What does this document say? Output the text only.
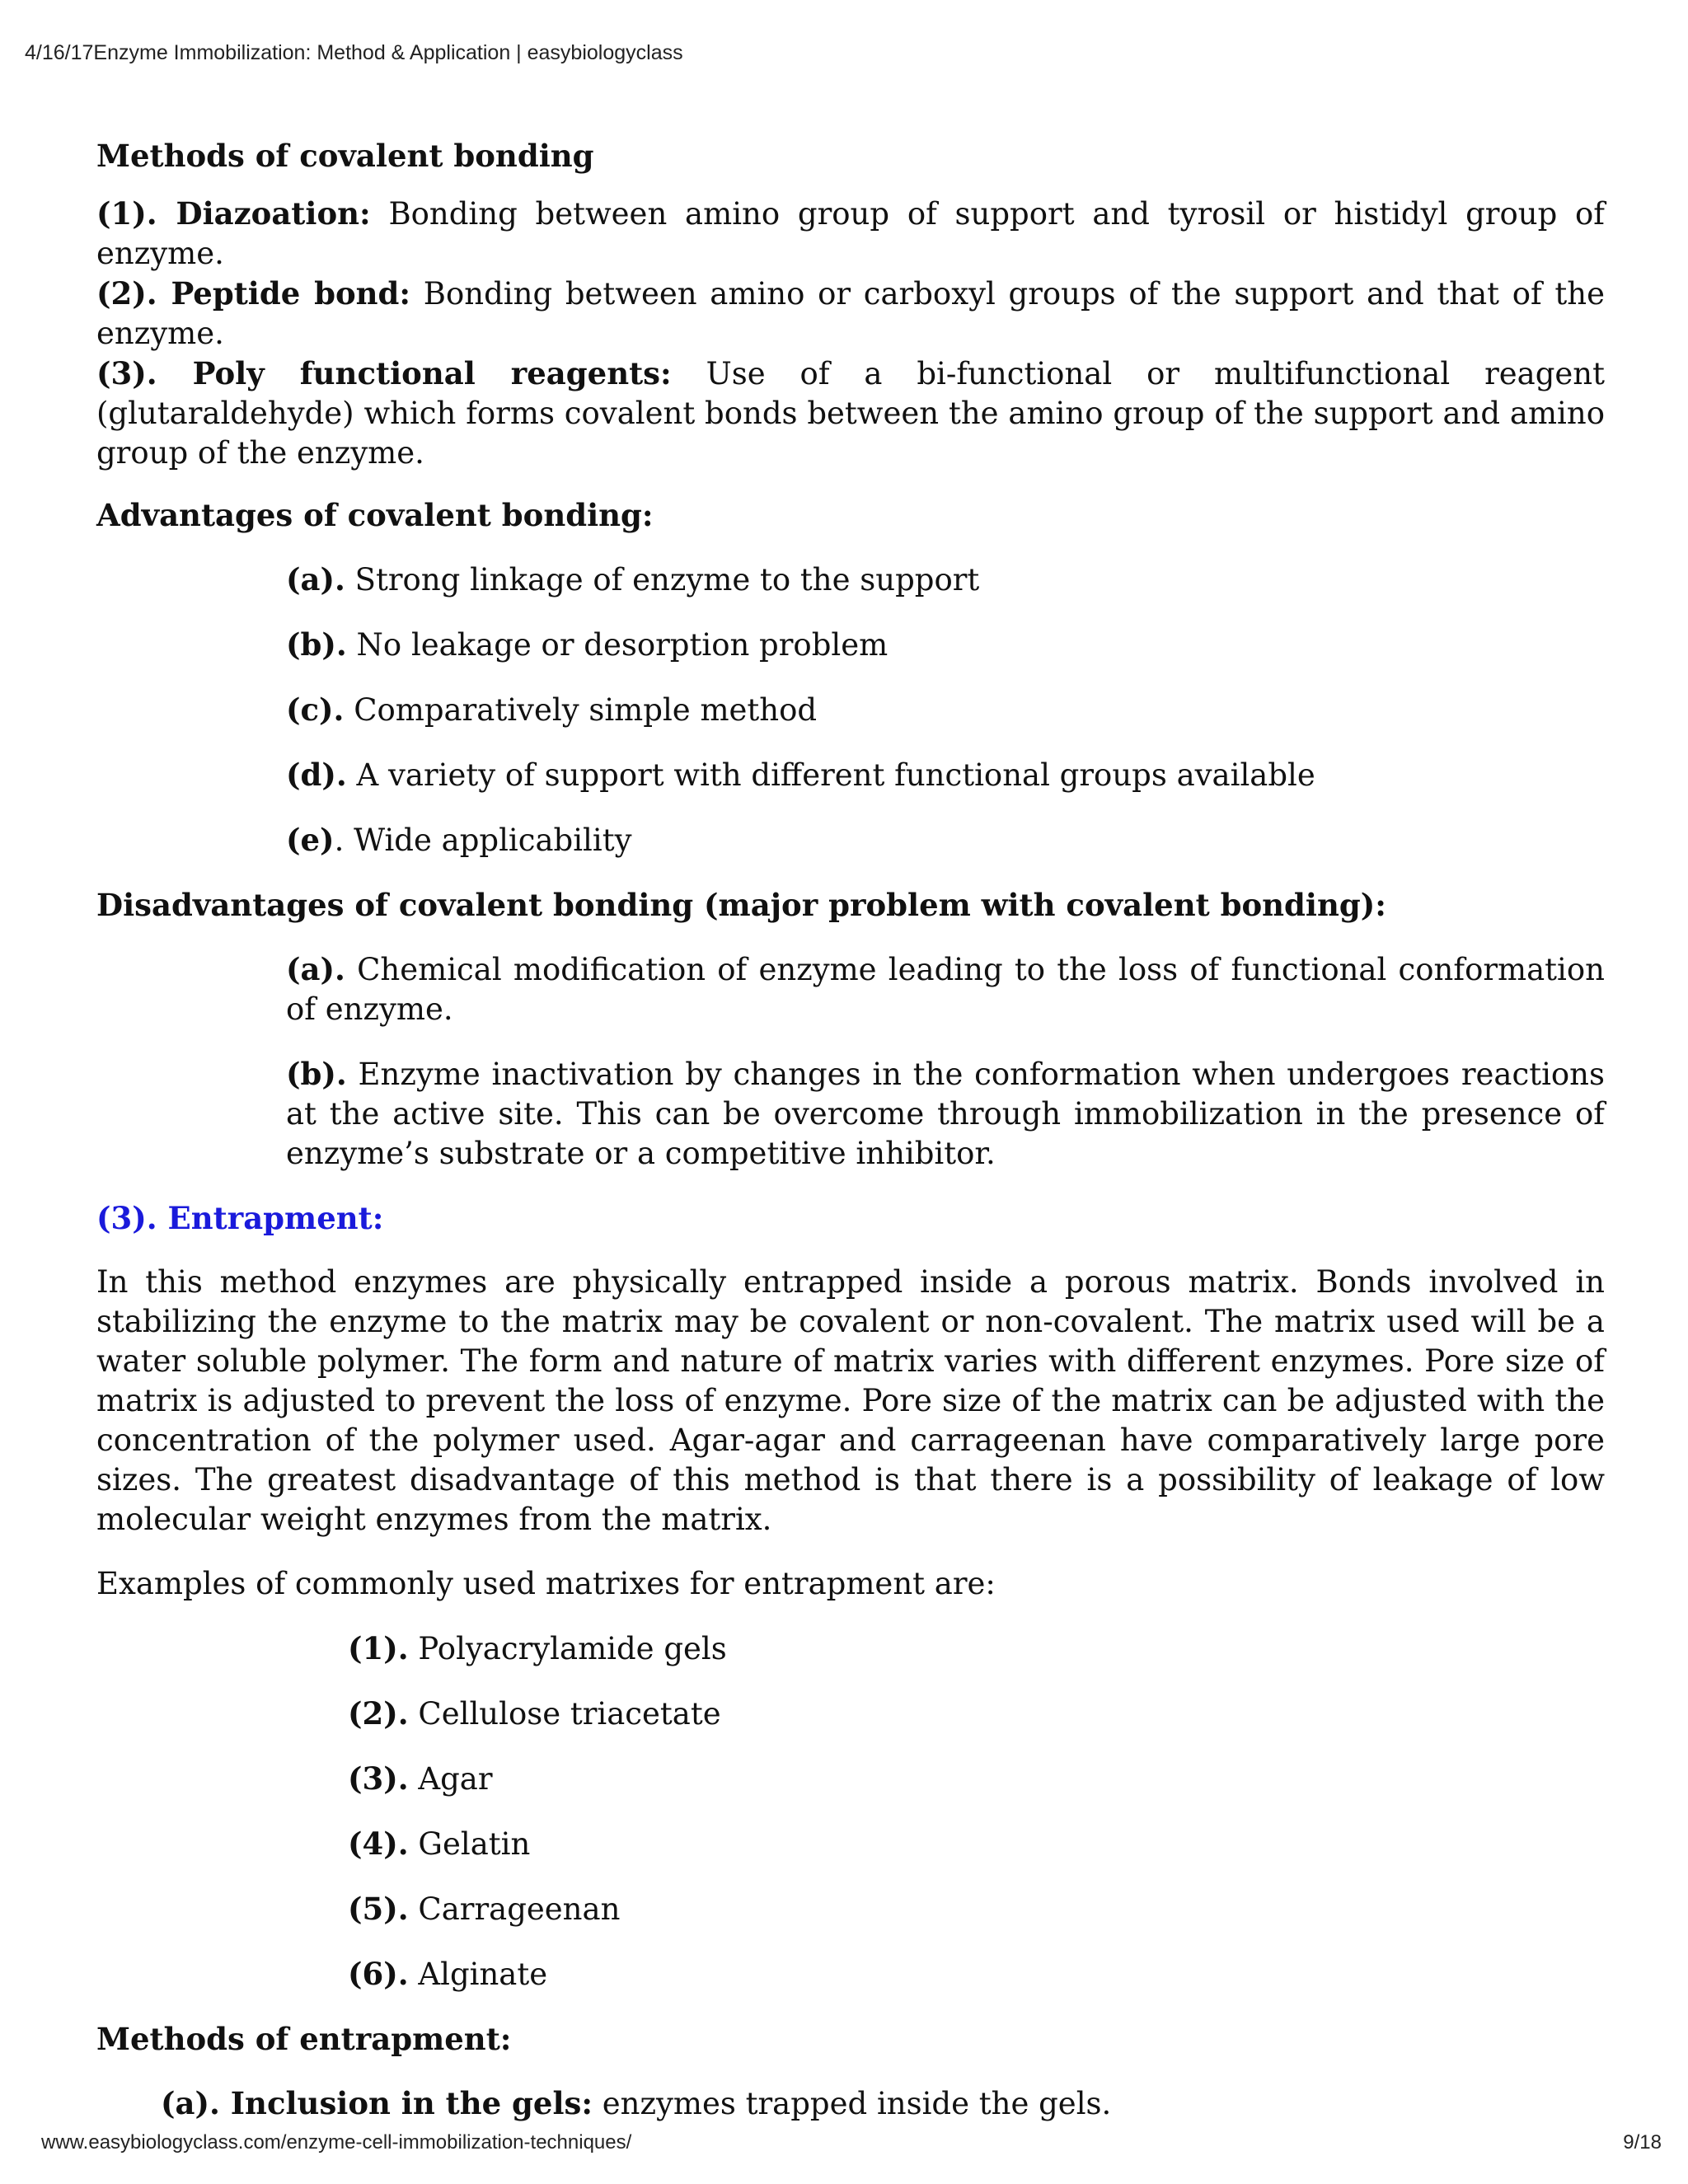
4/16/17Enzyme Immobilization: Method & Application | easybiologyclass

Methods of covalent bonding

(1). Diazoation: Bonding between amino group of support and tyrosil or histidyl group of enzyme.

(2). Peptide bond: Bonding between amino or carboxyl groups of the support and that of the enzyme.

(3). Poly functional reagents: Use of a bi-functional or multifunctional reagent (glutaraldehyde) which forms covalent bonds between the amino group of the support and amino group of the enzyme.

Advantages of covalent bonding:

(a). Strong linkage of enzyme to the support

(b). No leakage or desorption problem

(c). Comparatively simple method

(d). A variety of support with different functional groups available

(e). Wide applicability

Disadvantages of covalent bonding (major problem with covalent bonding):

(a). Chemical modification of enzyme leading to the loss of functional conformation of enzyme.

(b). Enzyme inactivation by changes in the conformation when undergoes reactions at the active site. This can be overcome through immobilization in the presence of enzyme’s substrate or a competitive inhibitor.

(3). Entrapment:

In this method enzymes are physically entrapped inside a porous matrix. Bonds involved in stabilizing the enzyme to the matrix may be covalent or non-covalent. The matrix used will be a water soluble polymer. The form and nature of matrix varies with different enzymes. Pore size of matrix is adjusted to prevent the loss of enzyme. Pore size of the matrix can be adjusted with the concentration of the polymer used. Agar-agar and carrageenan have comparatively large pore sizes. The greatest disadvantage of this method is that there is a possibility of leakage of low molecular weight enzymes from the matrix.

Examples of commonly used matrixes for entrapment are:

(1). Polyacrylamide gels

(2). Cellulose triacetate

(3). Agar

(4). Gelatin

(5). Carrageenan

(6). Alginate

Methods of entrapment:

(a). Inclusion in the gels: enzymes trapped inside the gels.

www.easybiologyclass.com/enzyme-cell-immobilization-techniques/	9/18
